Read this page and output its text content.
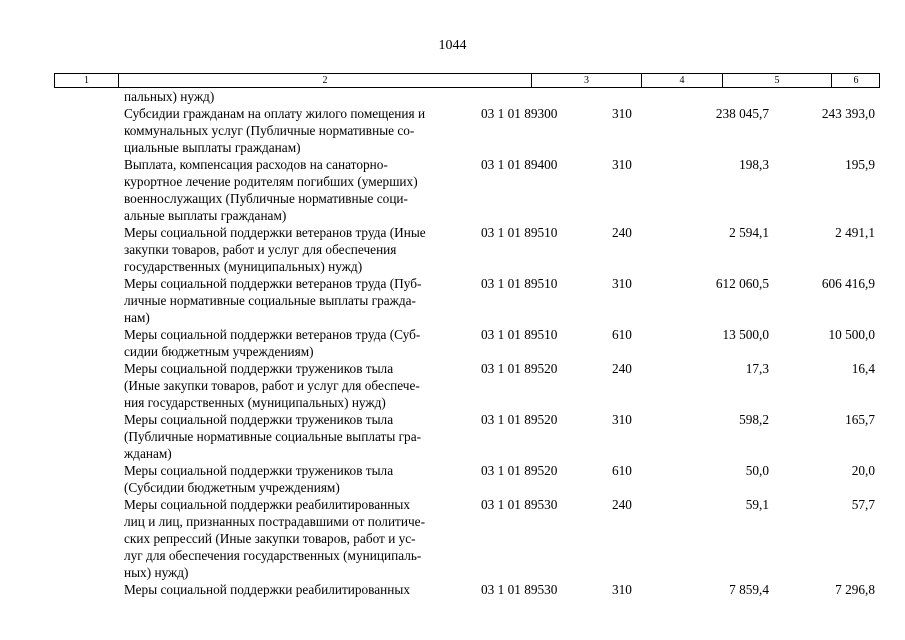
1044
1	2	3	4	5	6
пальных) нужд)
Субсидии гражданам на оплату жилого помещения и
коммунальных услуг (Публичные нормативные со-
циальные выплаты гражданам)
03 1 01 89300	310	238 045,7	243 393,0
Выплата, компенсация расходов на санаторно-
курортное лечение родителям погибших (умерших)
военнослужащих (Публичные нормативные соци-
альные выплаты гражданам)
03 1 01 89400	310	198,3	195,9
Меры социальной поддержки ветеранов труда (Иные
закупки товаров, работ и услуг для обеспечения
государственных (муниципальных) нужд)
03 1 01 89510	240	2 594,1	2 491,1
Меры социальной поддержки ветеранов труда (Пуб-
личные нормативные социальные выплаты гражда-
нам)
03 1 01 89510	310	612 060,5	606 416,9
Меры социальной поддержки ветеранов труда (Суб-
сидии бюджетным учреждениям)
03 1 01 89510	610	13 500,0	10 500,0
Меры социальной поддержки тружеников тыла
(Иные закупки товаров, работ и услуг для обеспече-
ния государственных (муниципальных) нужд)
03 1 01 89520	240	17,3	16,4
Меры социальной поддержки тружеников тыла
(Публичные нормативные социальные выплаты гра-
жданам)
03 1 01 89520	310	598,2	165,7
Меры социальной поддержки тружеников тыла
(Субсидии бюджетным учреждениям)
03 1 01 89520	610	50,0	20,0
Меры социальной поддержки реабилитированных
лиц и лиц, признанных пострадавшими от политиче-
ских репрессий (Иные закупки товаров, работ и ус-
луг для обеспечения государственных (муниципаль-
ных) нужд)
03 1 01 89530	240	59,1	57,7
Меры социальной поддержки реабилитированных	03 1 01 89530	310	7 859,4	7 296,8
